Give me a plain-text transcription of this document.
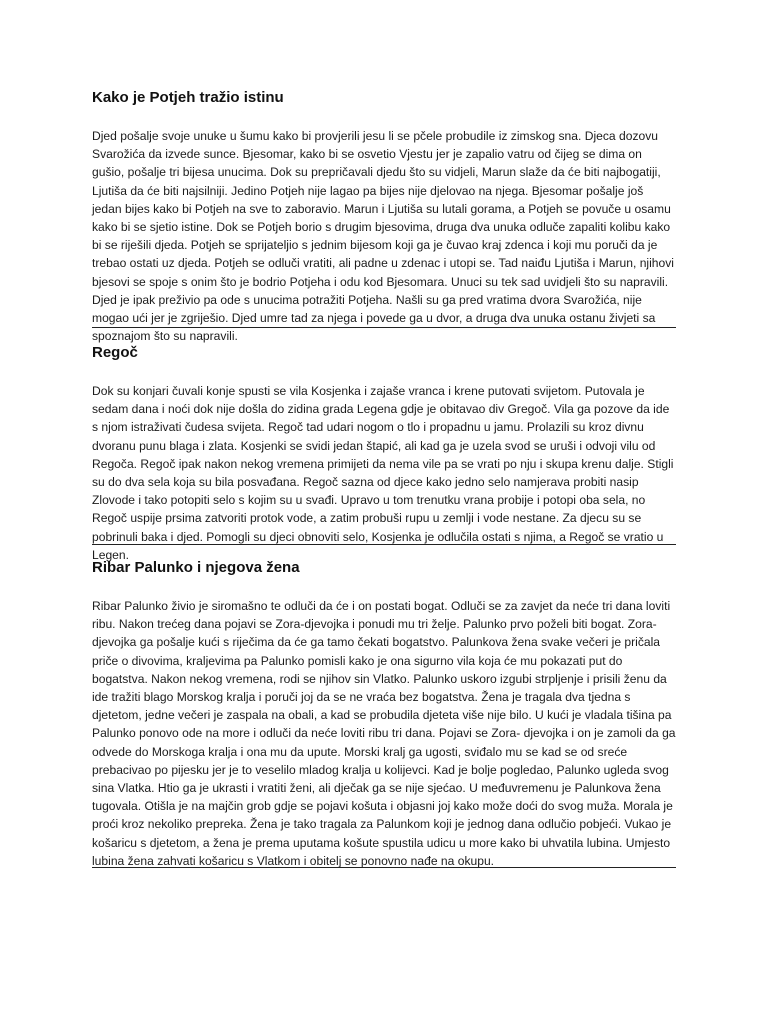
Kako je Potjeh tražio istinu

Djed pošalje svoje unuke u šumu kako bi provjerili jesu li se pčele probudile iz zimskog sna. Djeca dozovu Svarožića da izvede sunce. Bjesomar, kako bi se osvetio Vjestu jer je zapalio vatru od čijeg se dima on gušio, pošalje tri bijesa unucima. Dok su prepričavali djedu što su vidjeli, Marun slaže da će biti najbogatiji, Ljutiša da će biti najsilniji. Jedino Potjeh nije lagao pa bijes nije djelovao na njega. Bjesomar pošalje još jedan bijes kako bi Potjeh na sve to zaboravio. Marun i Ljutiša su lutali gorama, a Potjeh se povuče u osamu kako bi se sjetio istine. Dok se Potjeh borio s drugim bjesovima, druga dva unuka odluče zapaliti kolibu kako bi se riješili djeda. Potjeh se sprijateljio s jednim bijesom koji ga je čuvao kraj zdenca i koji mu poruči da je trebao ostati uz djeda. Potjeh se odluči vratiti, ali padne u zdenac i utopi se. Tad naiđu Ljutiša i Marun, njihovi bjesovi se spoje s onim što je bodrio Potjeha i odu kod Bjesomara. Unuci su tek sad uvidjeli što su napravili. Djed je ipak preživio pa ode s unucima potražiti Potjeha. Našli su ga pred vratima dvora Svarožića, nije mogao ući jer je zgriješio. Djed umre tad za njega i povede ga u dvor, a druga dva unuka ostanu živjeti sa spoznajom što su napravili.

Regoč

Dok su konjari čuvali konje spusti se vila Kosjenka i zajaše vranca i krene putovati svijetom. Putovala je sedam dana i noći dok nije došla do zidina grada Legena gdje je obitavao div Gregoč. Vila ga pozove da ide s njom istraživati čudesa svijeta. Regoč tad udari nogom o tlo i propadnu u jamu. Prolazili su kroz divnu dvoranu punu blaga i zlata. Kosjenki se svidi jedan štapić, ali kad ga je uzela svod se uruši i odvoji vilu od Regoča. Regoč ipak nakon nekog vremena primijeti da nema vile pa se vrati po nju i skupa krenu dalje. Stigli su do dva sela koja su bila posvađana. Regoč sazna od djece kako jedno selo namjerava probiti nasip Zlovode i tako potopiti selo s kojim su u svađi. Upravo u tom trenutku vrana probije i potopi oba sela, no Regoč uspije prsima zatvoriti protok vode, a zatim probuši rupu u zemlji i vode nestane. Za djecu su se pobrinuli baka i djed. Pomogli su djeci obnoviti selo, Kosjenka je odlučila ostati s njima, a Regoč se vratio u Legen.

Ribar Palunko i njegova žena

Ribar Palunko živio je siromašno te odluči da će i on postati bogat. Odluči se za zavjet da neće tri dana loviti ribu. Nakon trećeg dana pojavi se Zora-djevojka i ponudi mu tri želje. Palunko prvo poželi biti bogat. Zora- djevojka ga pošalje kući s riječima da će ga tamo čekati bogatstvo. Palunkova žena svake večeri je pričala priče o divovima, kraljevima pa Palunko pomisli kako je ona sigurno vila koja će mu pokazati put do bogatstva. Nakon nekog vremena, rodi se njihov sin Vlatko. Palunko uskoro izgubi strpljenje i prisili ženu da ide tražiti blago Morskog kralja i poruči joj da se ne vraća bez bogatstva. Žena je tragala dva tjedna s djetetom, jedne večeri je zaspala na obali, a kad se probudila djeteta više nije bilo. U kući je vladala tišina pa Palunko ponovo ode na more i odluči da neće loviti ribu tri dana. Pojavi se Zora- djevojka i on je zamoli da ga odvede do Morskoga kralja i ona mu da upute. Morski kralj ga ugosti, sviđalo mu se kad se od sreće prebacivao po pijesku jer je to veselilo mladog kralja u kolijevci. Kad je bolje pogledao, Palunko ugleda svog sina Vlatka. Htio ga je ukrasti i vratiti ženi, ali dječak ga se nije sjećao. U međuvremenu je Palunkova žena tugovala. Otišla je na majčin grob gdje se pojavi košuta i objasni joj kako može doći do svog muža. Morala je proći kroz nekoliko prepreka. Žena je tako tragala za Palunkom koji je jednog dana odlučio pobjeći. Vukao je košaricu s djetetom, a žena je prema uputama košute spustila udicu u more kako bi uhvatila lubina. Umjesto lubina žena zahvati košaricu s Vlatkom i obitelj se ponovno nađe na okupu.
